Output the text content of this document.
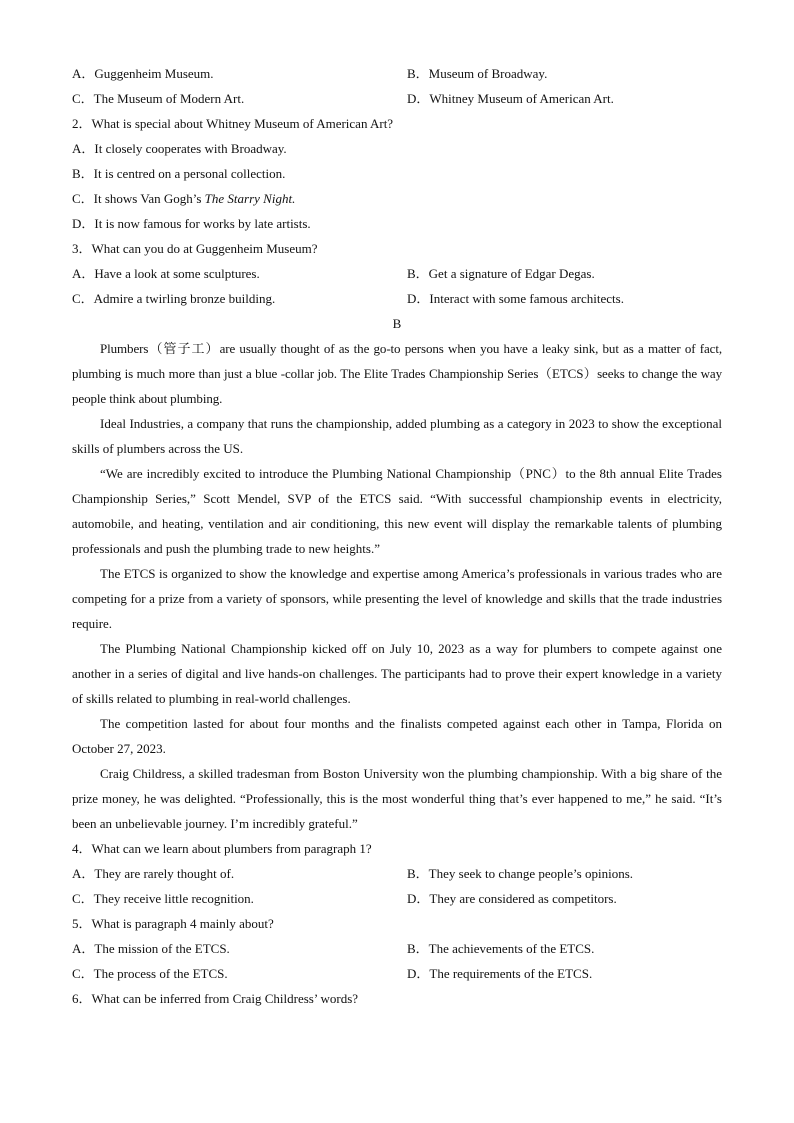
A．Guggenheim Museum.	B．Museum of Broadway.
C．The Museum of Modern Art.	D．Whitney Museum of American Art.
2．What is special about Whitney Museum of American Art?
A．It closely cooperates with Broadway.
B．It is centred on a personal collection.
C．It shows Van Gogh’s The Starry Night.
D．It is now famous for works by late artists.
3．What can you do at Guggenheim Museum?
A．Have a look at some sculptures.	B．Get a signature of Edgar Degas.
C．Admire a twirling bronze building.	D．Interact with some famous architects.
B
Plumbers（管子工）are usually thought of as the go-to persons when you have a leaky sink, but as a matter of fact, plumbing is much more than just a blue -collar job. The Elite Trades Championship Series（ETCS）seeks to change the way people think about plumbing.
Ideal Industries, a company that runs the championship, added plumbing as a category in 2023 to show the exceptional skills of plumbers across the US.
“We are incredibly excited to introduce the Plumbing National Championship（PNC）to the 8th annual Elite Trades Championship Series,” Scott Mendel, SVP of the ETCS said. “With successful championship events in electricity, automobile, and heating, ventilation and air conditioning, this new event will display the remarkable talents of plumbing professionals and push the plumbing trade to new heights.”
The ETCS is organized to show the knowledge and expertise among America’s professionals in various trades who are competing for a prize from a variety of sponsors, while presenting the level of knowledge and skills that the trade industries require.
The Plumbing National Championship kicked off on July 10, 2023 as a way for plumbers to compete against one another in a series of digital and live hands-on challenges. The participants had to prove their expert knowledge in a variety of skills related to plumbing in real-world challenges.
The competition lasted for about four months and the finalists competed against each other in Tampa, Florida on October 27, 2023.
Craig Childress, a skilled tradesman from Boston University won the plumbing championship. With a big share of the prize money, he was delighted. “Professionally, this is the most wonderful thing that’s ever happened to me,” he said. “It’s been an unbelievable journey. I’m incredibly grateful.”
4．What can we learn about plumbers from paragraph 1?
A．They are rarely thought of.	B．They seek to change people’s opinions.
C．They receive little recognition.	D．They are considered as competitors.
5．What is paragraph 4 mainly about?
A．The mission of the ETCS.	B．The achievements of the ETCS.
C．The process of the ETCS.	D．The requirements of the ETCS.
6．What can be inferred from Craig Childress’ words?
